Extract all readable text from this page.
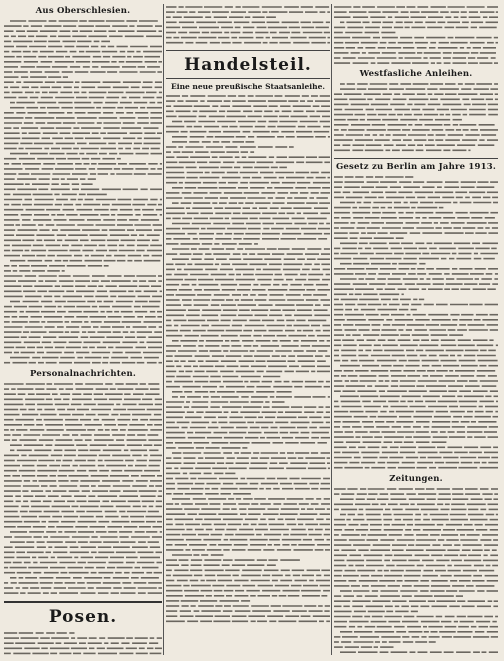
Aus Oberschlesien.
Personalnachrichten.
Posen.
Handelsteil.
Eine neue preußische Staatsanleihe.
Westfasliche Anleihen.
Gesetz zu Berlin am Jahre 1913.
Zeitungen.
